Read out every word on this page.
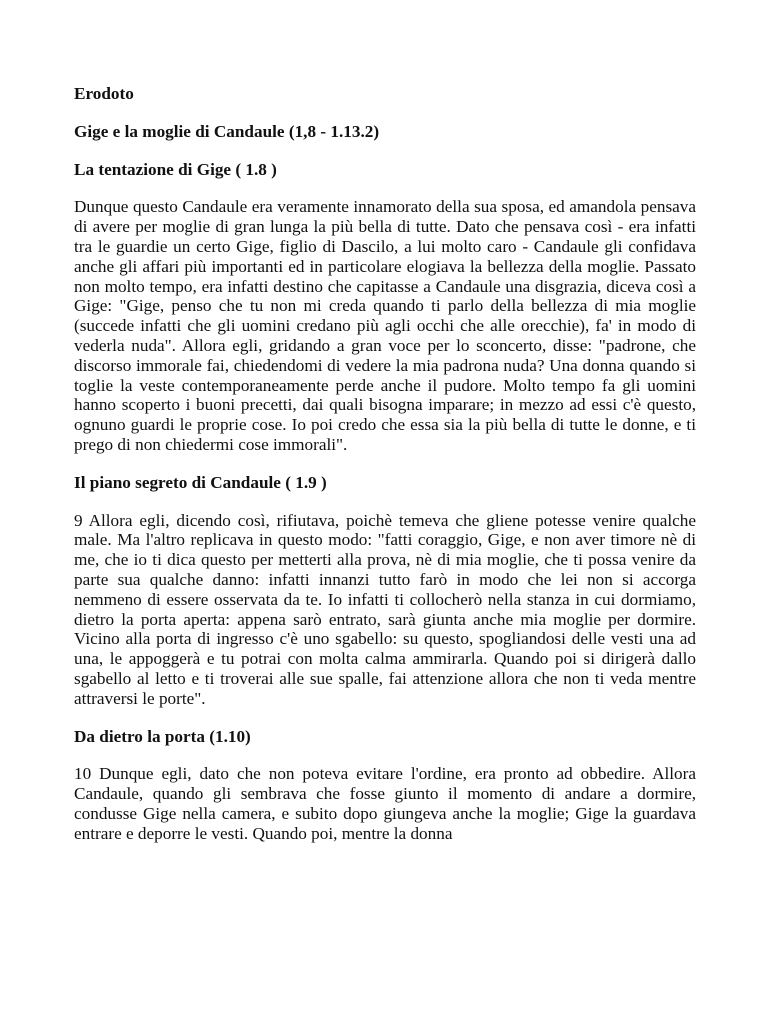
Erodoto
Gige e la moglie di Candaule (1,8 - 1.13.2)
La tentazione di Gige ( 1.8 )
Dunque questo Candaule era veramente innamorato della sua sposa, ed amandola pensava di avere per moglie di gran lunga la più bella di tutte. Dato che pensava così - era infatti tra le guardie un certo Gige, figlio di Dascilo, a lui molto caro - Candaule gli confidava anche gli affari più importanti ed in particolare elogiava la bellezza della moglie. Passato non molto tempo, era infatti destino che capitasse a Candaule una disgrazia, diceva così a Gige: "Gige, penso che tu non mi creda quando ti parlo della bellezza di mia moglie (succede infatti che gli uomini credano più agli occhi che alle orecchie), fa' in modo di vederla nuda". Allora egli, gridando a gran voce per lo sconcerto, disse: "padrone, che discorso immorale fai, chiedendomi di vedere la mia padrona nuda? Una donna quando si toglie la veste contemporaneamente perde anche il pudore. Molto tempo fa gli uomini hanno scoperto i buoni precetti, dai quali bisogna imparare; in mezzo ad essi c'è questo, ognuno guardi le proprie cose. Io poi credo che essa sia la più bella di tutte le donne, e ti prego di non chiedermi cose immorali".
Il piano segreto di Candaule ( 1.9 )
9 Allora egli, dicendo così, rifiutava, poichè temeva che gliene potesse venire qualche male. Ma l'altro replicava in questo modo: "fatti coraggio, Gige, e non aver timore nè di me, che io ti dica questo per metterti alla prova, nè di mia moglie, che ti possa venire da parte sua qualche danno: infatti innanzi tutto farò in modo che lei non si accorga nemmeno di essere osservata da te. Io infatti ti collocherò nella stanza in cui dormiamo, dietro la porta aperta: appena sarò entrato, sarà giunta anche mia moglie per dormire. Vicino alla porta di ingresso c'è uno sgabello: su questo, spogliandosi delle vesti una ad una, le appoggerà e tu potrai con molta calma ammirarla. Quando poi si dirigerà dallo sgabello al letto e ti troverai alle sue spalle, fai attenzione allora che non ti veda mentre attraversi le porte".
Da dietro la porta (1.10)
10 Dunque egli, dato che non poteva evitare l'ordine, era pronto ad obbedire. Allora Candaule, quando gli sembrava che fosse giunto il momento di andare a dormire, condusse Gige nella camera, e subito dopo giungeva anche la moglie; Gige la guardava entrare e deporre le vesti. Quando poi, mentre la donna
